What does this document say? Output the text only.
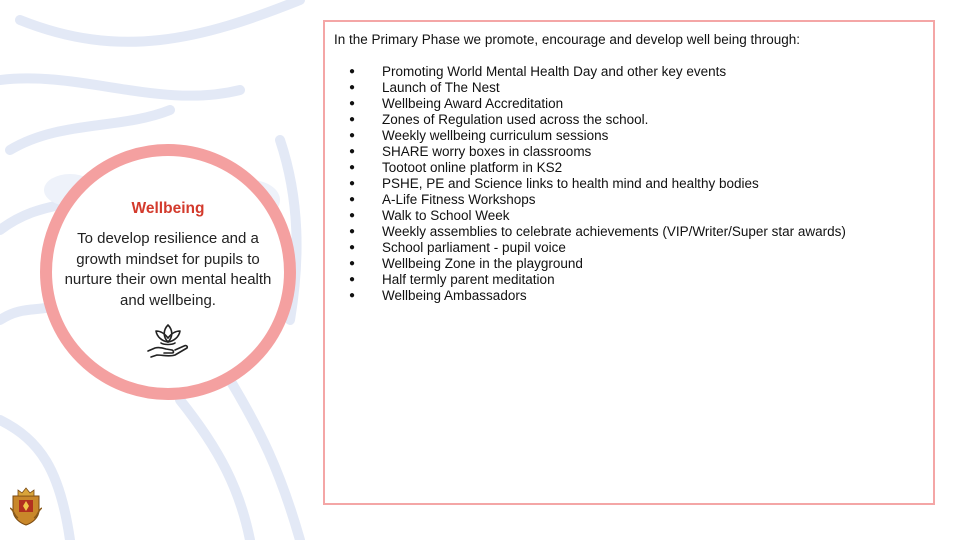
Wellbeing
To develop resilience and a growth mindset for pupils to nurture their own mental health and wellbeing.
In the Primary Phase we promote, encourage and develop well being through:
● Promoting World Mental Health Day and other key events
● Launch of The Nest
● Wellbeing Award Accreditation
● Zones of Regulation used across the school.
● Weekly wellbeing curriculum sessions
● SHARE worry boxes in classrooms
● Tootoot online platform in KS2
● PSHE, PE and Science links to health mind and healthy bodies
● A-Life Fitness Workshops
● Walk to School Week
● Weekly assemblies to celebrate achievements (VIP/Writer/Super star awards)
● School parliament - pupil voice
● Wellbeing Zone in the playground
● Half termly parent meditation
● Wellbeing Ambassadors
